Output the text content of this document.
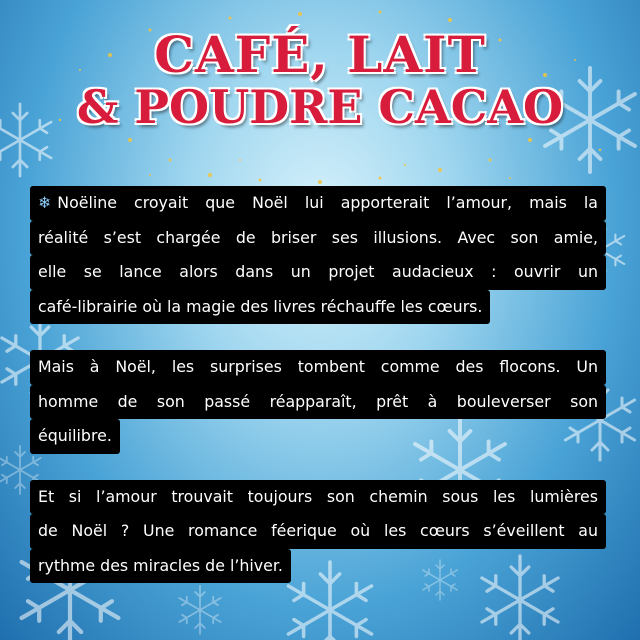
CAFÉ, LAIT
& POUDRE CACAO
❄ Noëline croyait que Noël lui apporterait l’amour, mais la
réalité s’est chargée de briser ses illusions. Avec son amie,
elle se lance alors dans un projet audacieux : ouvrir un
café-librairie où la magie des livres réchauffe les cœurs.
Mais à Noël, les surprises tombent comme des flocons. Un
homme de son passé réapparaît, prêt à bouleverser son
équilibre.
Et si l’amour trouvait toujours son chemin sous les lumières
de Noël ? Une romance féerique où les cœurs s’éveillent au
rythme des miracles de l’hiver.
